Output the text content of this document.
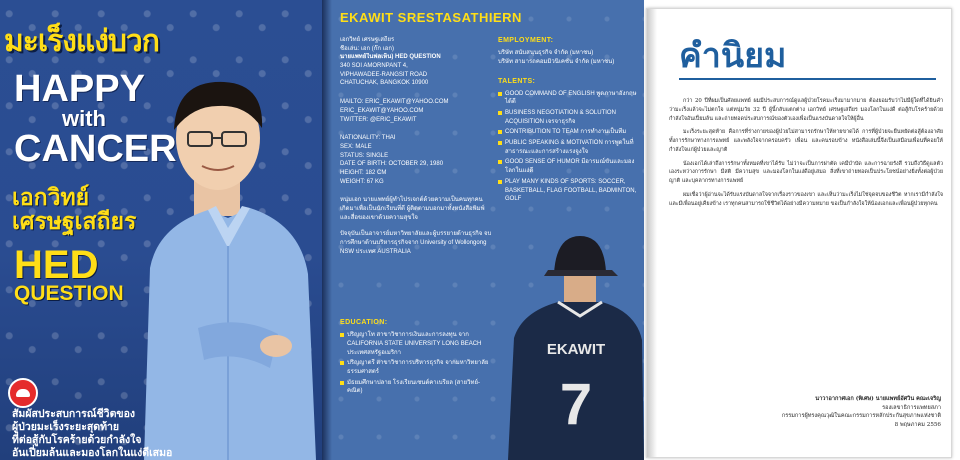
มะเร็งแง่บวก
HAPPY
with
CANCER
เอกวิทย์
เศรษฐเสถียร
HED
QUESTION
สัมผัสประสบการณ์ชีวิตของ
ผู้ป่วยมะเร็งระยะสุดท้าย
ที่ต่อสู้กับโรคร้ายด้วยกำลังใจ
อันเปี่ยมล้นและมองโลกในแง่ดีเสมอ
EKAWIT SRESTASATHIERN
เอกวิทย์ เศรษฐเสถียร
ชื่อเล่น: เอก (ก๊ก เอก)
นายแพทย์ในฟลเห็น) HED QUESTION
340 SOI AMORNPANT 4,
VIPHAWADEE-RANGSIT ROAD
CHATUCHAK, BANGKOK 10900
MAILTO: ERIC_EKAWIT@YAHOO.COM
ERIC_EKAWIT@YAHOO.COM
TWITTER: @ERIC_EKAWIT
NATIONALITY: THAI
SEX: MALE
STATUS: SINGLE
DATE OF BIRTH: OCTOBER 29, 1980
HEIGHT: 182 CM
WEIGHT: 67 KG
หนุ่มเอก นายแพทย์ผู้ทำโปรเจกต์ด้วยความเป็นคนทุกคนเกิดมาเพื่อเป็นนักเรียนที่ดี ผู้ติดตามบอกมาทั้งหนังสือพิมพ์ และสื่อของเขาด้วยความสุขใจ
ปัจจุบันเป็นอาจารย์มหาวิทยาลัยและผู้บรรยายด้านธุรกิจ จบการศึกษาด้านบริหารธุรกิจจาก University of Wollongong NSW ประเทศ AUSTRALIA
EDUCATION:
ปริญญาโท สาขาวิชาการเงินและการลงทุน จาก CALIFORNIA STATE UNIVERSITY LONG BEACH ประเทศสหรัฐอเมริกา
ปริญญาตรี สาขาวิชาการบริหารธุรกิจ จากมหาวิทยาลัยธรรมศาสตร์
มัธยมศึกษาปลาย โรงเรียนเซนต์คาเบรียล (สายวิทย์-คณิต)
EMPLOYMENT:
บริษัท สนับสนุนธุรกิจ จำกัด (มหาชน)
บริษัท สามารถคอมมิวนิเคชั่น จำกัด (มหาชน)
TALENTS:
GOOD COMMAND OF ENGLISH พูดภาษาอังกฤษได้ดี
BUSINESS NEGOTIATION & SOLUTION ACQUISITION เจรจาธุรกิจ
CONTRIBUTION TO TEAM การทำงานเป็นทีม
PUBLIC SPEAKING & MOTIVATION การพูดในที่สาธารณะและการสร้างแรงจูงใจ
GOOD SENSE OF HUMOR มีอารมณ์ขันและมองโลกในแง่ดี
PLAY MANY KINDS OF SPORTS: SOCCER, BASKETBALL, FLAG FOOTBALL, BADMINTON, GOLF
EKAWIT
7
คำนิยม

กว่า 20 ปีที่ผมเป็นศัลยแพทย์ ผมมีประสบการณ์ดูแลผู้ป่วยโรคมะเร็งมามากมาย ต้องยอมรับว่าไม่มีผู้ใดที่ได้ยินคำว่ามะเร็งแล้วจะไม่ตกใจ แต่หนุ่มวัย 32 ปี ผู้นี้กลับแตกต่าง เอกวิทย์ เศรษฐเสถียร มองโลกในแง่ดี ต่อสู้กับโรคร้ายด้วยกำลังใจอันเปี่ยมล้น และถ่ายทอดประสบการณ์ของตัวเองเพื่อเป็นแรงบันดาลใจให้ผู้อื่น

มะเร็งระยะสุดท้าย คือการที่ร่างกายของผู้ป่วยไม่สามารถรักษาให้หายขาดได้ การที่ผู้ป่วยจะยืนหยัดต่อสู้ต้องอาศัยทั้งการรักษาทางการแพทย์ และพลังใจจากครอบครัว เพื่อน และคนรอบข้าง หนังสือเล่มนี้จึงเป็นเสมือนเพื่อนที่คอยให้กำลังใจแก่ผู้ป่วยและญาติ

น้องเอกได้เล่าถึงการรักษาทั้งหมดที่เขาได้รับ ไม่ว่าจะเป็นการผ่าตัด เคมีบำบัด และการฉายรังสี รวมถึงวิธีดูแลตัวเองระหว่างการรักษา มีสติ มีความสุข และมองโลกในแง่ดีอยู่เสมอ สิ่งที่เขาถ่ายทอดเป็นประโยชน์อย่างยิ่งทั้งต่อผู้ป่วย ญาติ และบุคลากรทางการแพทย์

ผมเชื่อว่าผู้อ่านจะได้รับแรงบันดาลใจจากเรื่องราวของเขา และเห็นว่ามะเร็งไม่ใช่จุดจบของชีวิต หากเรามีกำลังใจและมีเพื่อนอยู่เคียงข้าง เราทุกคนสามารถใช้ชีวิตได้อย่างมีความหมาย ขอเป็นกำลังใจให้น้องเอกและเพื่อนผู้ป่วยทุกคน

นาวาอากาศเอก (พิเศษ) นายแพทย์อัศวิน คณะเจริญ
รองเลขาธิการแพทยสภา
กรรมการผู้ทรงคุณวุฒิในคณะกรรมการหลักประกันสุขภาพแห่งชาติ
8 พฤษภาคม 2556
